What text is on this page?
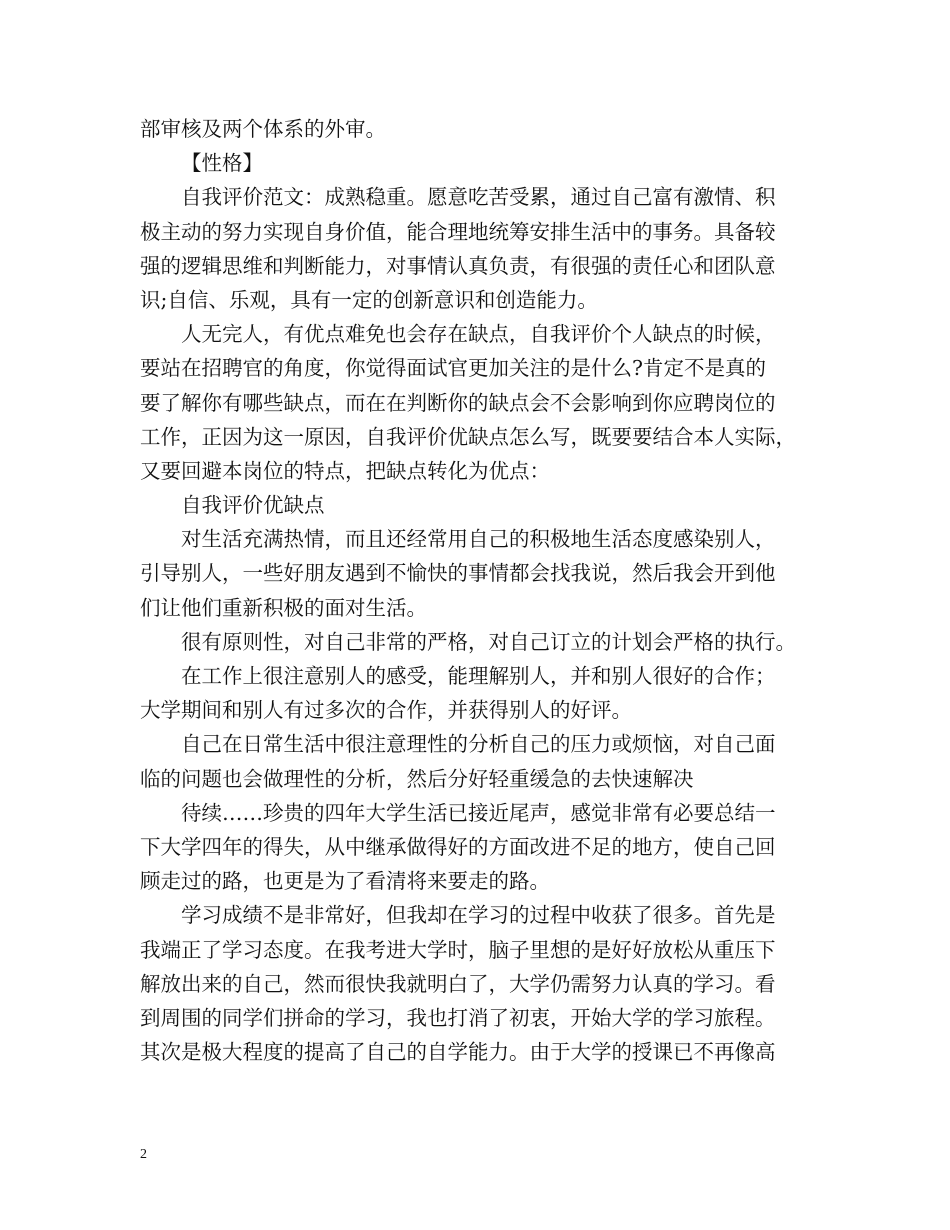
部审核及两个体系的外审。
【性格】
自我评价范文：成熟稳重。愿意吃苦受累，通过自己富有激情、积
极主动的努力实现自身价值，能合理地统筹安排生活中的事务。具备较
强的逻辑思维和判断能力，对事情认真负责，有很强的责任心和团队意
识;自信、乐观，具有一定的创新意识和创造能力。
人无完人，有优点难免也会存在缺点，自我评价个人缺点的时候，
要站在招聘官的角度，你觉得面试官更加关注的是什么?肯定不是真的
要了解你有哪些缺点，而在在判断你的缺点会不会影响到你应聘岗位的
工作，正因为这一原因，自我评价优缺点怎么写，既要要结合本人实际，
又要回避本岗位的特点，把缺点转化为优点：
自我评价优缺点
对生活充满热情，而且还经常用自己的积极地生活态度感染别人，
引导别人，一些好朋友遇到不愉快的事情都会找我说，然后我会开到他
们让他们重新积极的面对生活。
很有原则性，对自己非常的严格，对自己订立的计划会严格的执行。
在工作上很注意别人的感受，能理解别人，并和别人很好的合作；
大学期间和别人有过多次的合作，并获得别人的好评。
自己在日常生活中很注意理性的分析自己的压力或烦恼，对自己面
临的问题也会做理性的分析，然后分好轻重缓急的去快速解决
待续……珍贵的四年大学生活已接近尾声，感觉非常有必要总结一
下大学四年的得失，从中继承做得好的方面改进不足的地方，使自己回
顾走过的路，也更是为了看清将来要走的路。
学习成绩不是非常好，但我却在学习的过程中收获了很多。首先是
我端正了学习态度。在我考进大学时，脑子里想的是好好放松从重压下
解放出来的自己，然而很快我就明白了，大学仍需努力认真的学习。看
到周围的同学们拼命的学习，我也打消了初衷，开始大学的学习旅程。
其次是极大程度的提高了自己的自学能力。由于大学的授课已不再像高
2
